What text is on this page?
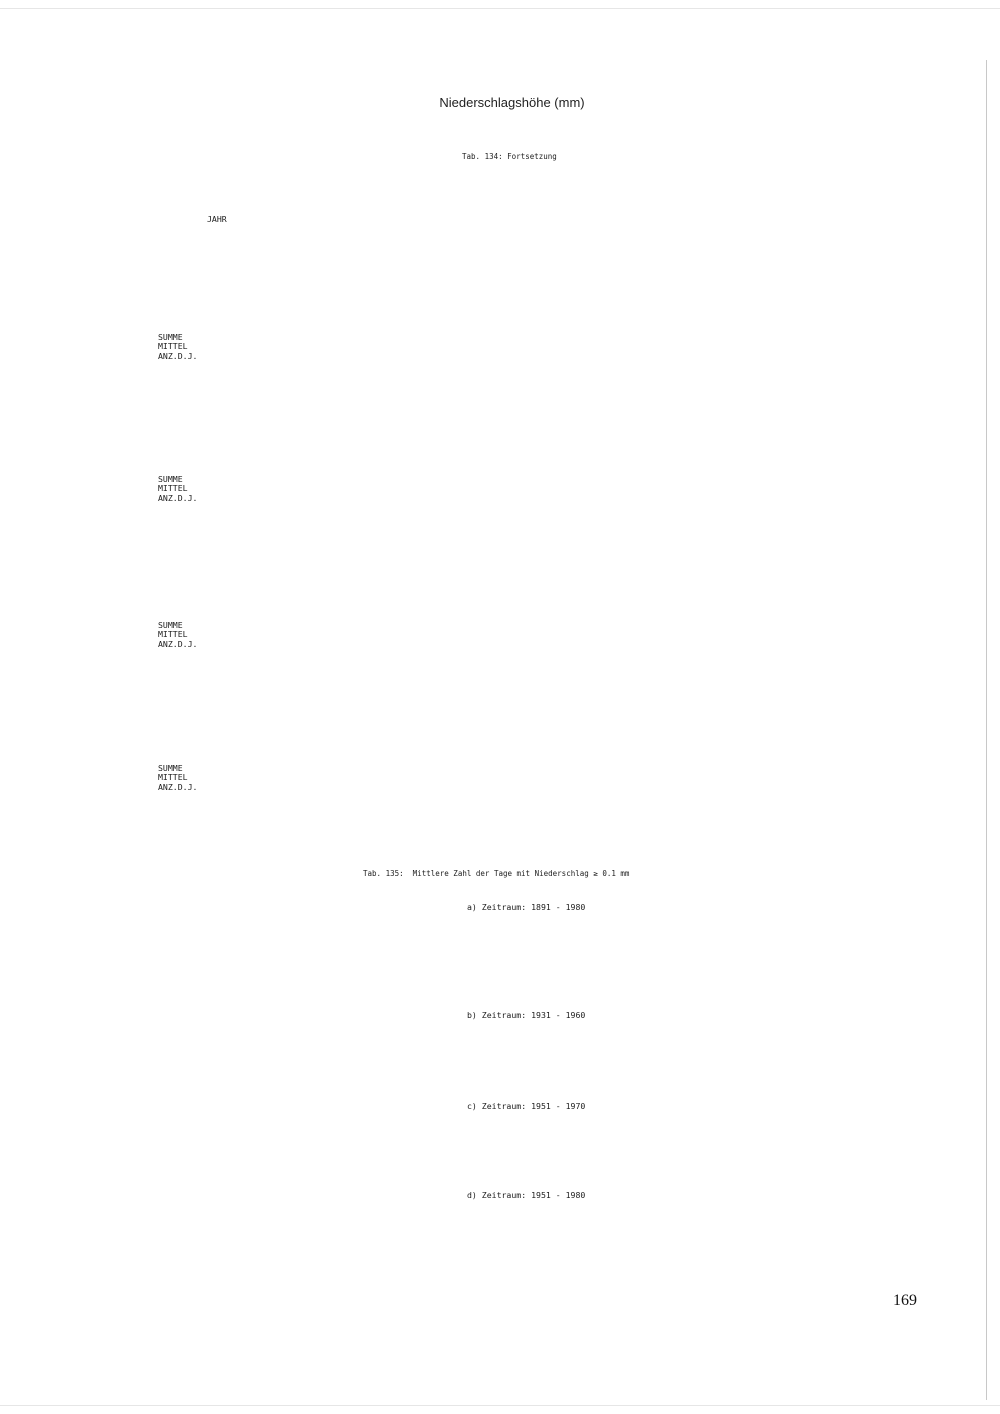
Niederschlagshöhe (mm)
Tab. 134: Fortsetzung
JAHR
SUMME
MITTEL
ANZ.D.J.
SUMME
MITTEL
ANZ.D.J.
SUMME
MITTEL
ANZ.D.J.
SUMME
MITTEL
ANZ.D.J.
Tab. 135:  Mittlere Zahl der Tage mit Niederschlag ≥ 0.1 mm
a) Zeitraum: 1891 - 1980
b) Zeitraum: 1931 - 1960
c) Zeitraum: 1951 - 1970
d) Zeitraum: 1951 - 1980
169
